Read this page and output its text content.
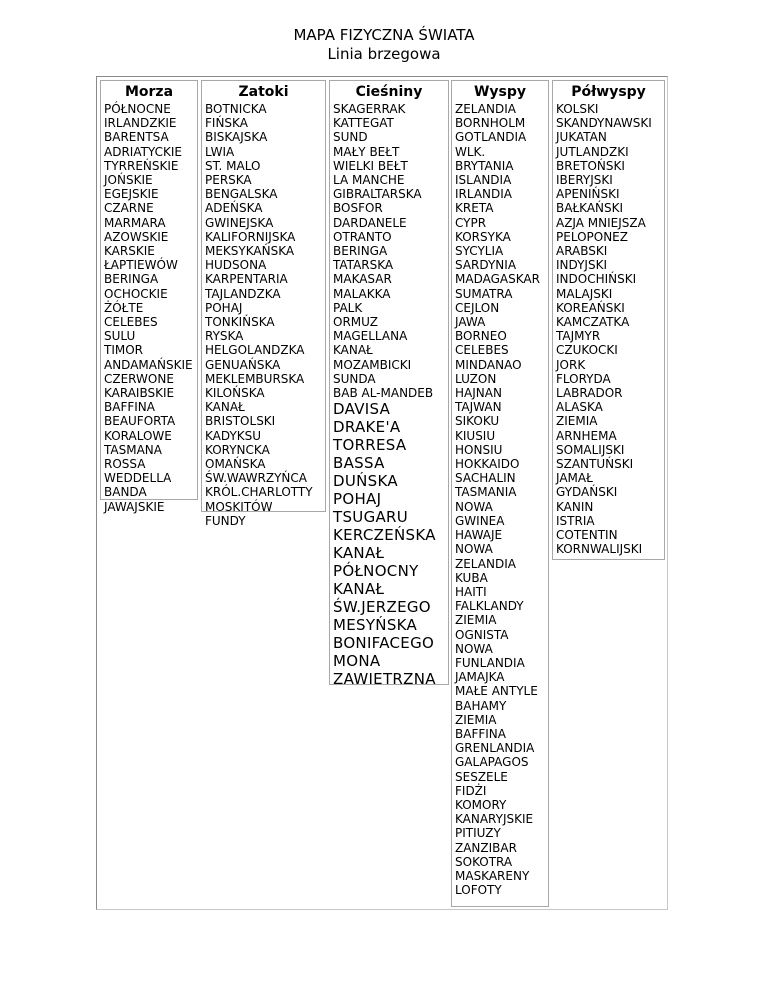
MAPA FIZYCZNA ŚWIATA
Linia brzegowa
Morza
PÓŁNOCNE
IRLANDZKIE
BARENTSA
ADRIATYCKIE
TYRREŃSKIE
JOŃSKIE
EGEJSKIE
CZARNE
MARMARA
AZOWSKIE
KARSKIE
ŁAPTIEWÓW
BERINGA
OCHOCKIE
ŻÓŁTE
CELEBES
SULU
TIMOR
ANDAMAŃSKIE
CZERWONE
KARAIBSKIE
BAFFINA
BEAUFORTA
KORALOWE
TASMANA
ROSSA
WEDDELLA
BANDA
JAWAJSKIE
Zatoki
BOTNICKA
FIŃSKA
BISKAJSKA
LWIA
ST. MALO
PERSKA
BENGALSKA
ADEŃSKA
GWINEJSKA
KALIFORNIJSKA
MEKSYKAŃSKA
HUDSONA
KARPENTARIA
TAJLANDZKA
POHAJ
TONKIŃSKA
RYSKA
HELGOLANDZKA
GENUAŃSKA
MEKLEMBURSKA
KILOŃSKA
KANAŁ
BRISTOLSKI
KADYKSU
KORYNCKA
OMAŃSKA
ŚW.WAWRZYŃCA
KRÓL.CHARLOTTY
MOSKITÓW
FUNDY
Cieśniny
SKAGERRAK
KATTEGAT
SUND
MAŁY BEŁT
WIELKI BEŁT
LA MANCHE
GIBRALTARSKA
BOSFOR
DARDANELE
OTRANTO
BERINGA
TATARSKA
MAKASAR
MALAKKA
PALK
ORMUZ
MAGELLANA
KANAŁ
MOZAMBICKI
SUNDA
BAB AL-MANDEB
DAVISA
DRAKE'A
TORRESA
BASSA
DUŃSKA
POHAJ
TSUGARU
KERCZEŃSKA
KANAŁ
PÓŁNOCNY
KANAŁ
ŚW.JERZEGO
MESYŃSKA
BONIFACEGO
MONA
ZAWIETRZNA
Wyspy
ZELANDIA
BORNHOLM
GOTLANDIA
WLK.
BRYTANIA
ISLANDIA
IRLANDIA
KRETA
CYPR
KORSYKA
SYCYLIA
SARDYNIA
MADAGASKAR
SUMATRA
CEJLON
JAWA
BORNEO
CELEBES
MINDANAO
LUZON
HAJNAN
TAJWAN
SIKOKU
KIUSIU
HONSIU
HOKKAIDO
SACHALIN
TASMANIA
NOWA
GWINEA
HAWAJE
NOWA
ZELANDIA
KUBA
HAITI
FALKLANDY
ZIEMIA
OGNISTA
NOWA
FUNLANDIA
JAMAJKA
MAŁE ANTYLE
BAHAMY
ZIEMIA
BAFFINA
GRENLANDIA
GALAPAGOS
SESZELE
FIDŻI
KOMORY
KANARYJSKIE
PITIUZY
ZANZIBAR
SOKOTRA
MASKARENY
LOFOTY
Półwyspy
KOLSKI
SKANDYNAWSKI
JUKATAN
JUTLANDZKI
BRETOŃSKI
IBERYJSKI
APENIŃSKI
BAŁKAŃSKI
AZJA MNIEJSZA
PELOPONEZ
ARABSKI
INDYJSKI
INDOCHIŃSKI
MALAJSKI
KOREAŃSKI
KAMCZATKA
TAJMYR
CZUKOCKI
JORK
FLORYDA
LABRADOR
ALASKA
ZIEMIA
ARNHEMA
SOMALIJSKI
SZANTUŃSKI
JAMAŁ
GYDAŃSKI
KANIN
ISTRIA
COTENTIN
KORNWALIJSKI
